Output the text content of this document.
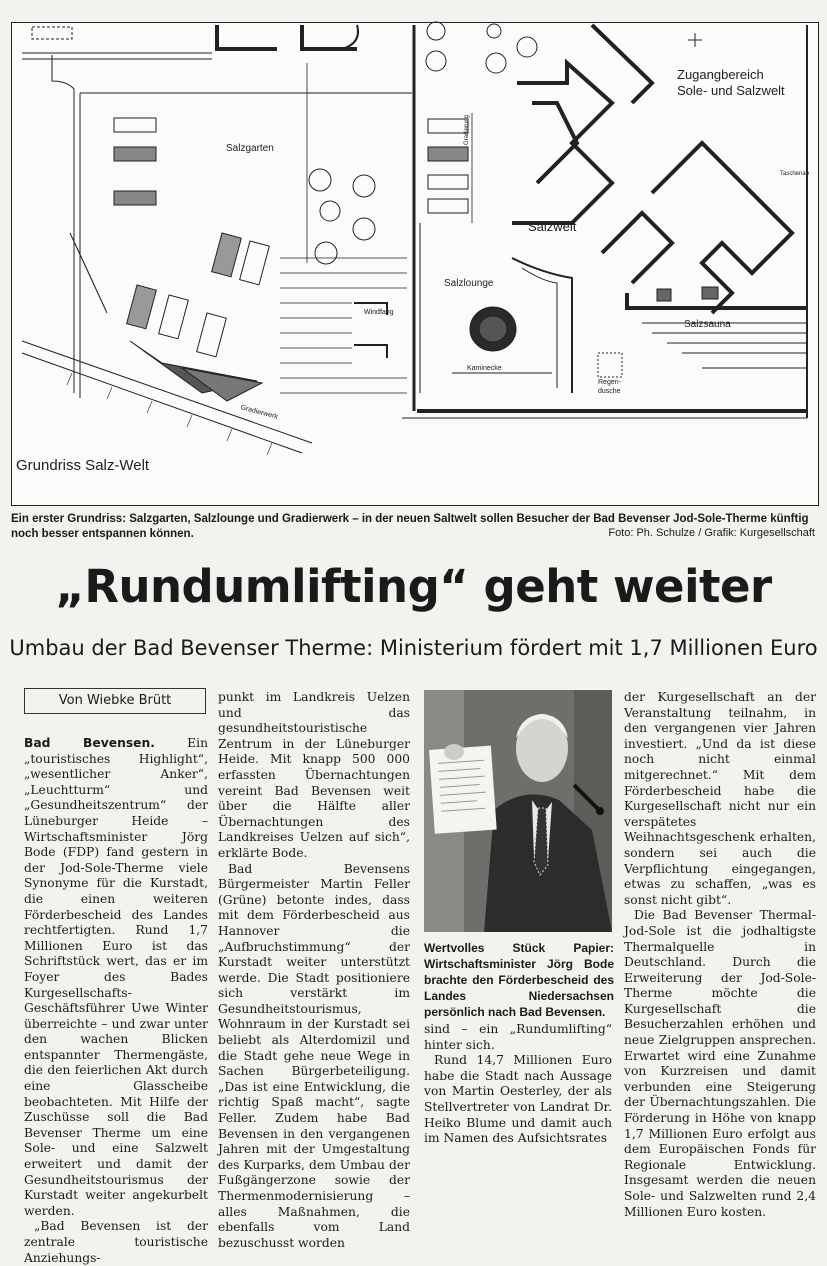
Salzgarten
Zugangbereich
Sole- und Salzwelt
Salzwelt
Salzlounge
Salzsauna
Windfang
Kaminecke
Regen-
dusche
Gradierwerk
Gradierung
Taschenab
Grundriss Salz-Welt
Ein erster Grundriss: Salzgarten, Salzlounge und Gradierwerk – in der neuen Saltwelt sollen Besucher der Bad Bevenser Jod-Sole-Therme künftig noch besser entspannen können.	Foto: Ph. Schulze / Grafik: Kurgesellschaft
„Rundumlifting“ geht weiter
Umbau der Bad Bevenser Therme: Ministerium fördert mit 1,7 Millionen Euro
Von Wiebke Brütt

Bad Bevensen.	Ein „touristisches Highlight“, „wesentlicher Anker“, „Leuchtturm“ und „Gesundheitszentrum“ der Lüneburger Heide – Wirtschaftsminister Jörg Bode (FDP) fand gestern in der Jod-Sole-Therme viele Synonyme für die Kurstadt, die einen weiteren Förderbescheid des Landes rechtfertigten. Rund 1,7 Millionen Euro ist das Schriftstück wert, das er im Foyer des Bades Kurgesellschafts-Geschäftsführer Uwe Winter überreichte – und zwar unter den wachen Blicken entspannter Thermengäste, die den feierlichen Akt durch eine Glasscheibe beobachteten. Mit Hilfe der Zuschüsse soll die Bad Bevenser Therme um eine Sole- und eine Salzwelt erweitert und damit der Gesundheitstourismus der Kurstadt weiter angekurbelt werden.

„Bad Bevensen ist der zentrale touristische Anziehungs-

punkt im Landkreis Uelzen und das gesundheitstouristische Zentrum in der Lüneburger Heide. Mit knapp 500 000 erfassten Übernachtungen vereint Bad Bevensen weit über die Hälfte aller Übernachtungen des Landkreises Uelzen auf sich“, erklärte Bode.

Bad Bevensens Bürgermeister Martin Feller (Grüne) betonte indes, dass mit dem Förderbescheid aus Hannover die „Aufbruchstimmung“ der Kurstadt weiter unterstützt werde. Die Stadt positioniere sich verstärkt im Gesundheitstourismus, Wohnraum in der Kurstadt sei beliebt als Alterdomizil und die Stadt gehe neue Wege in Sachen Bürgerbeteiligung. „Das ist eine Entwicklung, die richtig Spaß macht“, sagte Feller. Zudem habe Bad Bevensen in den vergangenen Jahren mit der Umgestaltung des Kurparks, dem Umbau der Fußgängerzone sowie der Thermenmodernisierung – alles Maßnahmen, die ebenfalls vom Land bezuschusst worden

Wertvolles Stück Papier: Wirtschaftsminister Jörg Bode brachte den Förderbescheid des Landes Niedersachsen persönlich nach Bad Bevensen.

sind – ein „Rundumlifting“ hinter sich.

Rund 14,7 Millionen Euro habe die Stadt nach Aussage von Martin Oesterley, der als Stellvertreter von Landrat Dr. Heiko Blume und damit auch im Namen des Aufsichtsrates

der Kurgesellschaft an der Veranstaltung teilnahm, in den vergangenen vier Jahren investiert. „Und da ist diese noch nicht einmal mitgerechnet.“ Mit dem Förderbescheid habe die Kurgesellschaft nicht nur ein verspätetes Weihnachtsgeschenk erhalten, sondern sei auch die Verpflichtung eingegangen, etwas zu schaffen, „was es sonst nicht gibt“.

Die Bad Bevenser Thermal-Jod-Sole ist die jodhaltigste Thermalquelle in Deutschland. Durch die Erweiterung der Jod-Sole-Therme möchte die Kurgesellschaft die Besucherzahlen erhöhen und neue Zielgruppen ansprechen. Erwartet wird eine Zunahme von Kurzreisen und damit verbunden eine Steigerung der Übernachtungszahlen. Die Förderung in Höhe von knapp 1,7 Millionen Euro erfolgt aus dem Europäischen Fonds für Regionale Entwicklung. Insgesamt werden die neuen Sole- und Salzwelten rund 2,4 Millionen Euro kosten.
